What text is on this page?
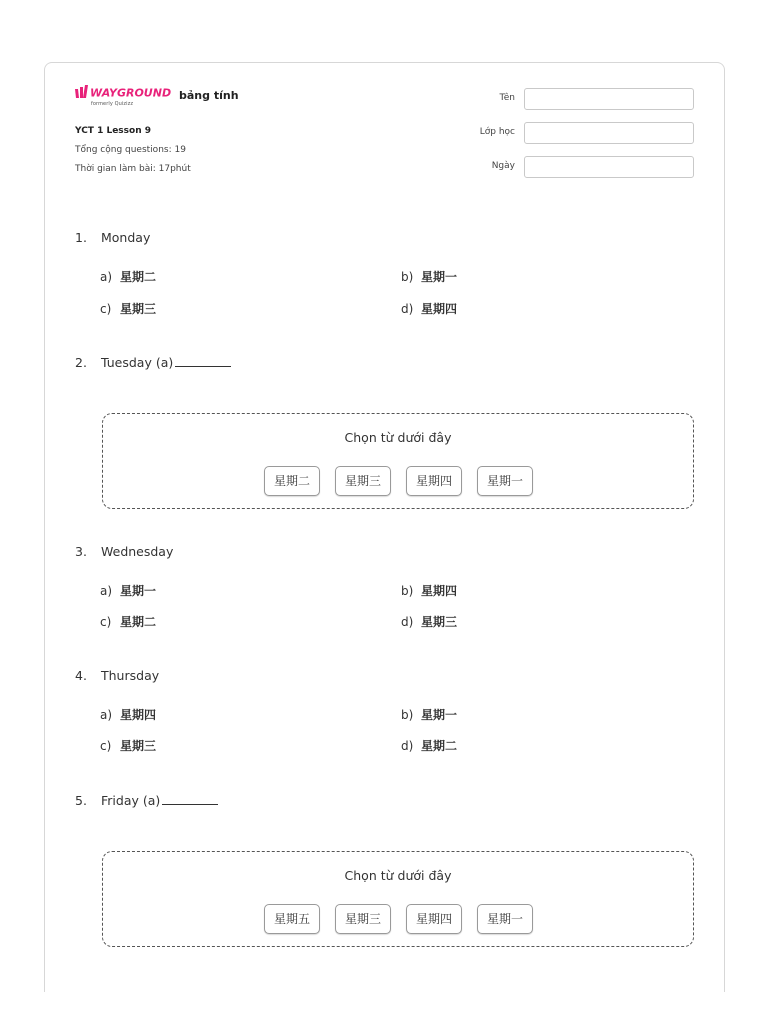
WAYGROUND
formerly Quizizz
bảng tính
YCT 1 Lesson 9
Tổng cộng questions: 19
Thời gian làm bài: 17phút
Tên
Lớp học
Ngày
1.	Monday
a) 星期二	b) 星期一
c) 星期三	d) 星期四
2.	Tuesday (a)
Chọn từ dưới đây
星期二	星期三	星期四	星期一
3.	Wednesday
a) 星期一	b) 星期四
c) 星期二	d) 星期三
4.	Thursday
a) 星期四	b) 星期一
c) 星期三	d) 星期二
5.	Friday (a)
Chọn từ dưới đây
星期五	星期三	星期四	星期一
